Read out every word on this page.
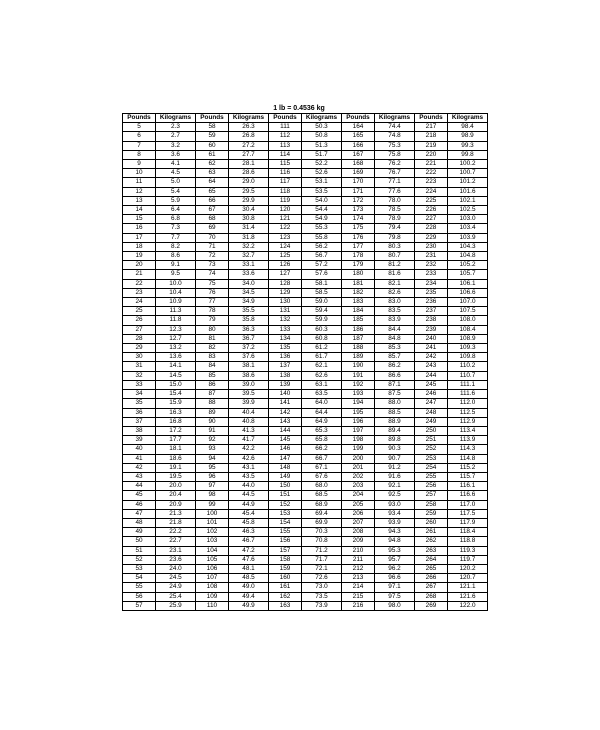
1 lb = 0.4536 kg
Pounds	Kilograms	Pounds	Kilograms	Pounds	Kilograms	Pounds	Kilograms	Pounds	Kilograms
5	2.3	58	26.3	111	50.3	164	74.4	217	98.4
6	2.7	59	26.8	112	50.8	165	74.8	218	98.9
7	3.2	60	27.2	113	51.3	166	75.3	219	99.3
8	3.6	61	27.7	114	51.7	167	75.8	220	99.8
9	4.1	62	28.1	115	52.2	168	76.2	221	100.2
10	4.5	63	28.6	116	52.6	169	76.7	222	100.7
11	5.0	64	29.0	117	53.1	170	77.1	223	101.2
12	5.4	65	29.5	118	53.5	171	77.6	224	101.6
13	5.9	66	29.9	119	54.0	172	78.0	225	102.1
14	6.4	67	30.4	120	54.4	173	78.5	226	102.5
15	6.8	68	30.8	121	54.9	174	78.9	227	103.0
16	7.3	69	31.4	122	55.3	175	79.4	228	103.4
17	7.7	70	31.8	123	55.8	176	79.8	229	103.9
18	8.2	71	32.2	124	56.2	177	80.3	230	104.3
19	8.6	72	32.7	125	56.7	178	80.7	231	104.8
20	9.1	73	33.1	126	57.2	179	81.2	232	105.2
21	9.5	74	33.6	127	57.6	180	81.6	233	105.7
22	10.0	75	34.0	128	58.1	181	82.1	234	106.1
23	10.4	76	34.5	129	58.5	182	82.6	235	106.6
24	10.9	77	34.9	130	59.0	183	83.0	236	107.0
25	11.3	78	35.5	131	59.4	184	83.5	237	107.5
26	11.8	79	35.8	132	59.9	185	83.9	238	108.0
27	12.3	80	36.3	133	60.3	186	84.4	239	108.4
28	12.7	81	36.7	134	60.8	187	84.8	240	108.9
29	13.2	82	37.2	135	61.2	188	85.3	241	109.3
30	13.6	83	37.6	136	61.7	189	85.7	242	109.8
31	14.1	84	38.1	137	62.1	190	86.2	243	110.2
32	14.5	85	38.6	138	62.6	191	86.6	244	110.7
33	15.0	86	39.0	139	63.1	192	87.1	245	111.1
34	15.4	87	39.5	140	63.5	193	87.5	246	111.6
35	15.9	88	39.9	141	64.0	194	88.0	247	112.0
36	16.3	89	40.4	142	64.4	195	88.5	248	112.5
37	16.8	90	40.8	143	64.9	196	88.9	249	112.9
38	17.2	91	41.3	144	65.3	197	89.4	250	113.4
39	17.7	92	41.7	145	65.8	198	89.8	251	113.9
40	18.1	93	42.2	146	66.2	199	90.3	252	114.3
41	18.6	94	42.6	147	66.7	200	90.7	253	114.8
42	19.1	95	43.1	148	67.1	201	91.2	254	115.2
43	19.5	96	43.5	149	67.6	202	91.6	255	115.7
44	20.0	97	44.0	150	68.0	203	92.1	256	116.1
45	20.4	98	44.5	151	68.5	204	92.5	257	116.6
46	20.9	99	44.9	152	68.9	205	93.0	258	117.0
47	21.3	100	45.4	153	69.4	206	93.4	259	117.5
48	21.8	101	45.8	154	69.9	207	93.9	260	117.9
49	22.2	102	46.3	155	70.3	208	94.3	261	118.4
50	22.7	103	46.7	156	70.8	209	94.8	262	118.8
51	23.1	104	47.2	157	71.2	210	95.3	263	119.3
52	23.6	105	47.6	158	71.7	211	95.7	264	119.7
53	24.0	106	48.1	159	72.1	212	96.2	265	120.2
54	24.5	107	48.5	160	72.6	213	96.6	266	120.7
55	24.9	108	49.0	161	73.0	214	97.1	267	121.1
56	25.4	109	49.4	162	73.5	215	97.5	268	121.6
57	25.9	110	49.9	163	73.9	216	98.0	269	122.0
